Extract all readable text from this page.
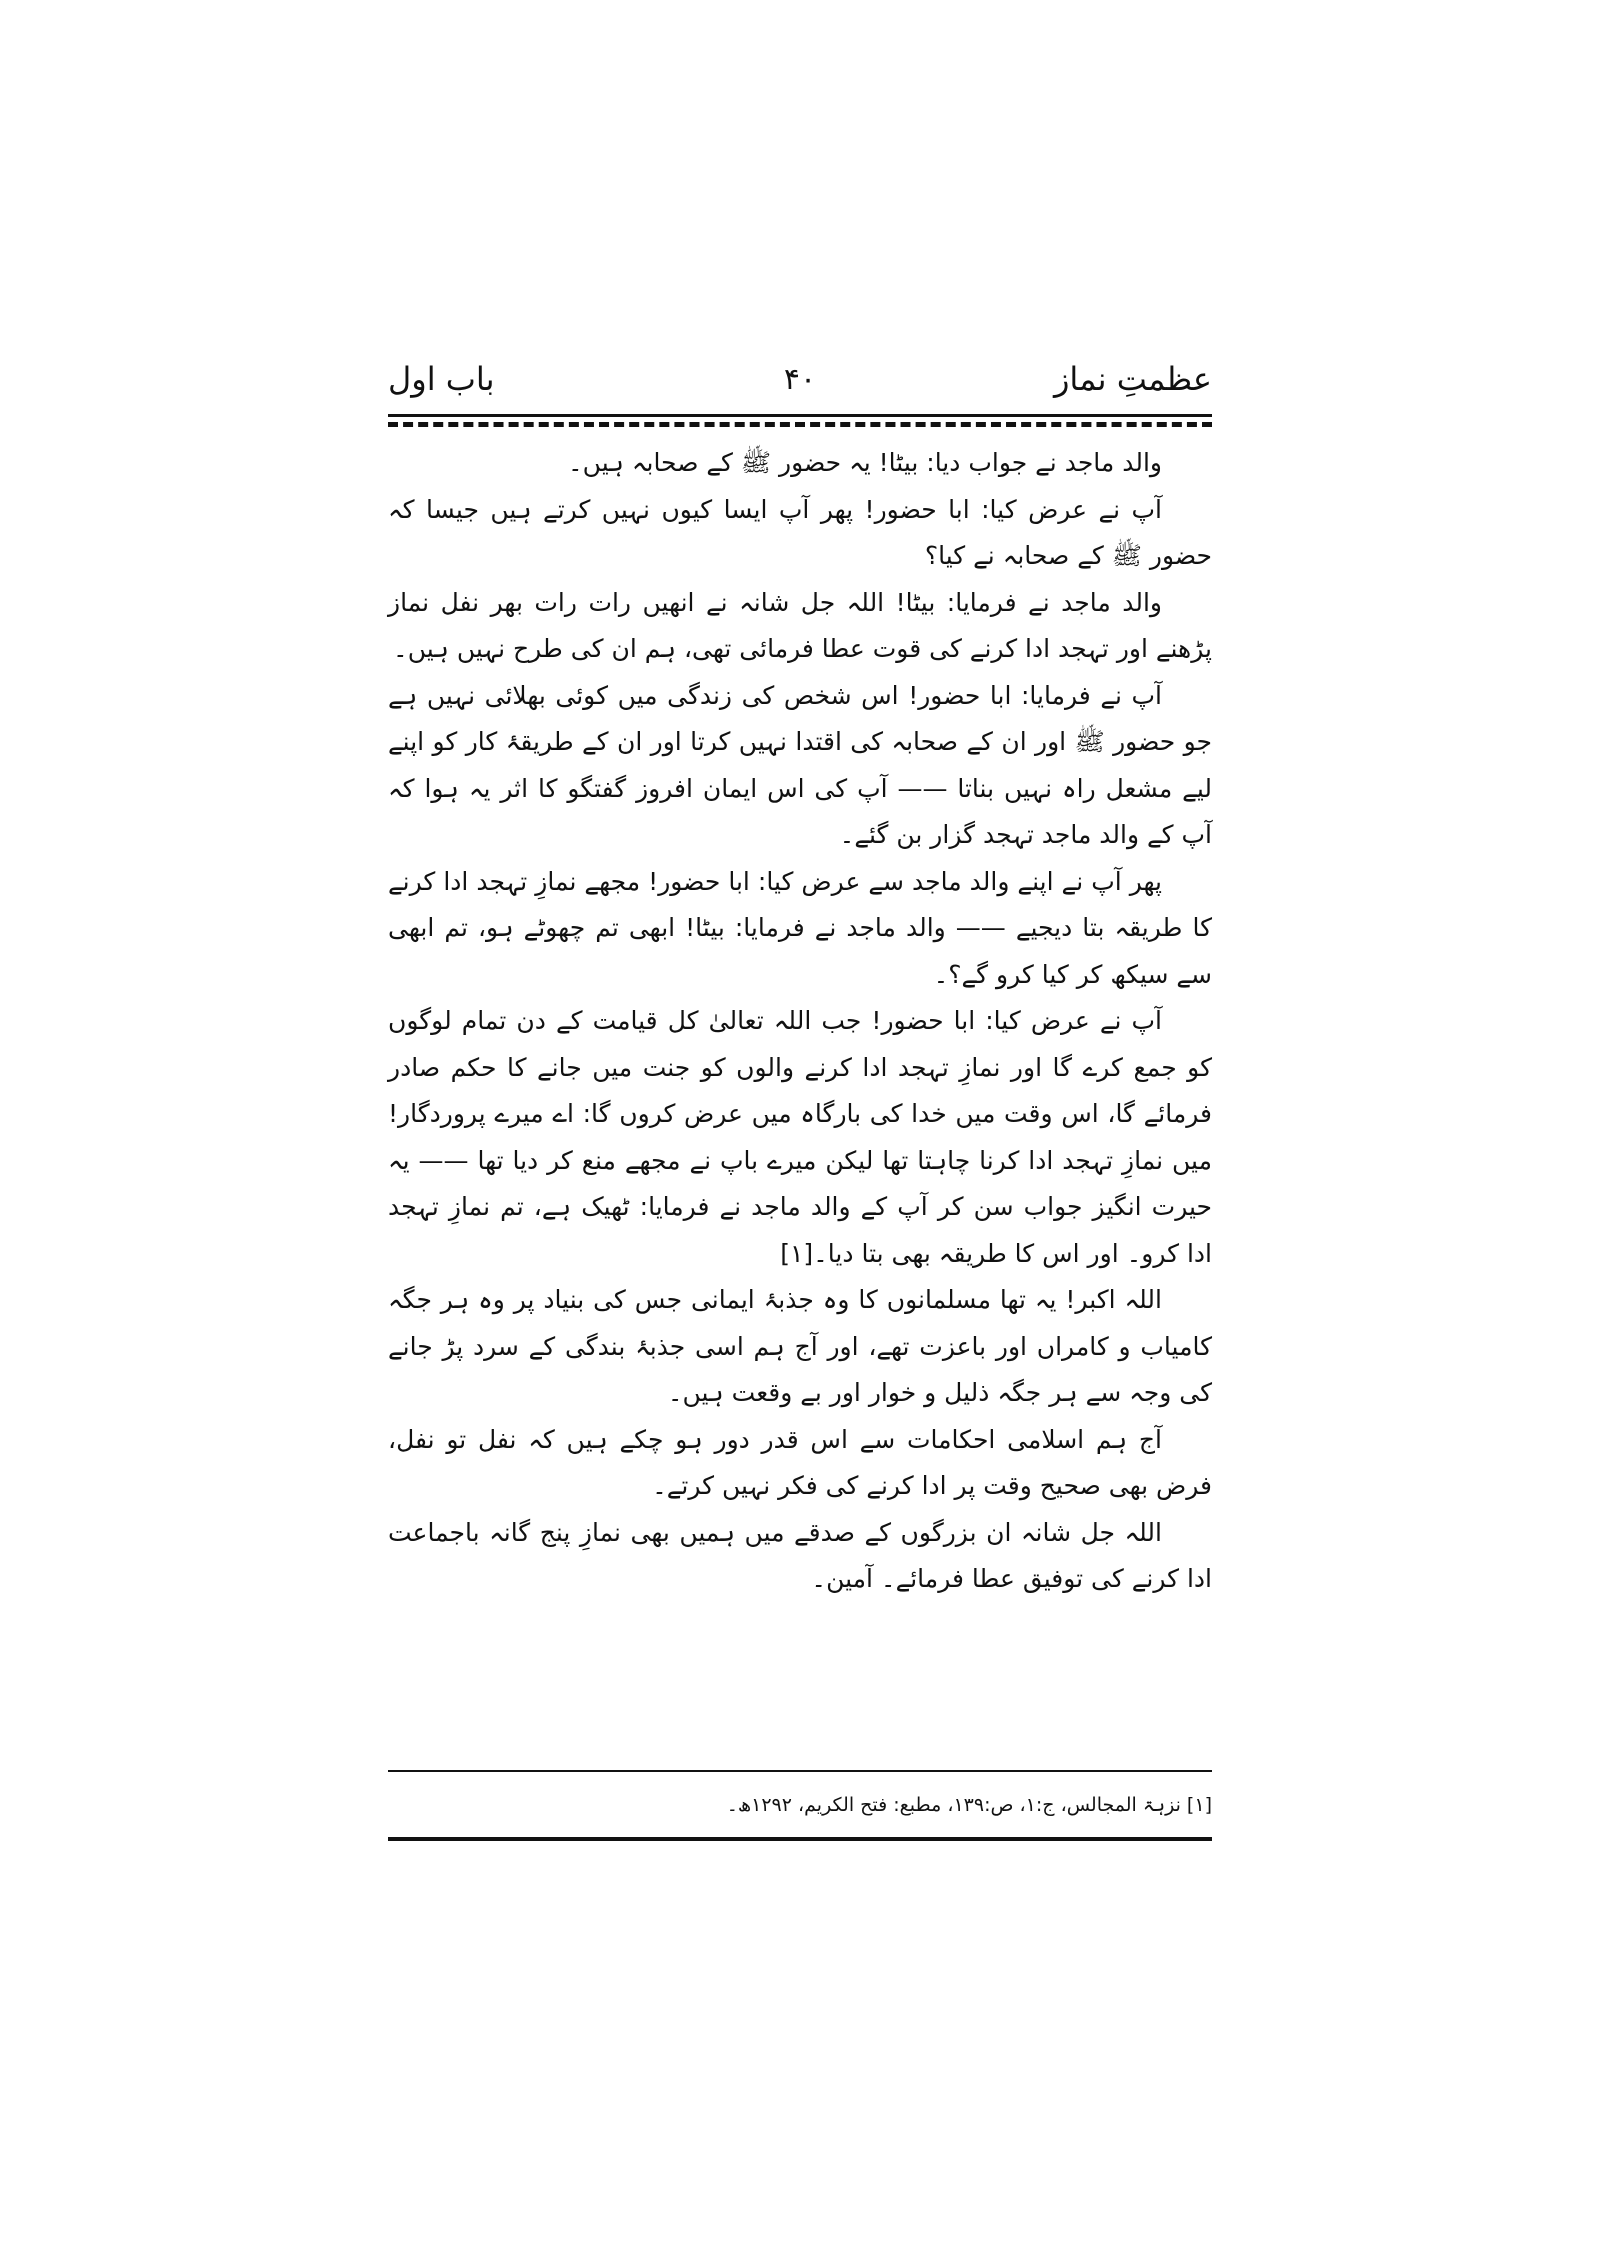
عظمتِ نماز
۴۰
باب اول

والد ماجد نے جواب دیا: بیٹا! یہ حضور ﷺ کے صحابہ ہیں۔

آپ نے عرض کیا: ابا حضور! پھر آپ ایسا کیوں نہیں کرتے ہیں جیسا کہ حضور ﷺ کے صحابہ نے کیا؟

والد ماجد نے فرمایا: بیٹا! اللہ جل شانہ نے انھیں رات رات بھر نفل نماز پڑھنے اور تہجد ادا کرنے کی قوت عطا فرمائی تھی، ہم ان کی طرح نہیں ہیں۔

آپ نے فرمایا: ابا حضور! اس شخص کی زندگی میں کوئی بھلائی نہیں ہے جو حضور ﷺ اور ان کے صحابہ کی اقتدا نہیں کرتا اور ان کے طریقۂ کار کو اپنے لیے مشعل راہ نہیں بناتا —— آپ کی اس ایمان افروز گفتگو کا اثر یہ ہوا کہ آپ کے والد ماجد تہجد گزار بن گئے۔

پھر آپ نے اپنے والد ماجد سے عرض کیا: ابا حضور! مجھے نمازِ تہجد ادا کرنے کا طریقہ بتا دیجیے —— والد ماجد نے فرمایا: بیٹا! ابھی تم چھوٹے ہو، تم ابھی سے سیکھ کر کیا کرو گے؟۔

آپ نے عرض کیا: ابا حضور! جب اللہ تعالیٰ کل قیامت کے دن تمام لوگوں کو جمع کرے گا اور نمازِ تہجد ادا کرنے والوں کو جنت میں جانے کا حکم صادر فرمائے گا، اس وقت میں خدا کی بارگاہ میں عرض کروں گا: اے میرے پروردگار! میں نمازِ تہجد ادا کرنا چاہتا تھا لیکن میرے باپ نے مجھے منع کر دیا تھا —— یہ حیرت انگیز جواب سن کر آپ کے والد ماجد نے فرمایا: ٹھیک ہے، تم نمازِ تہجد ادا کرو۔ اور اس کا طریقہ بھی بتا دیا۔[۱]

اللہ اکبر! یہ تھا مسلمانوں کا وہ جذبۂ ایمانی جس کی بنیاد پر وہ ہر جگہ کامیاب و کامراں اور باعزت تھے، اور آج ہم اسی جذبۂ بندگی کے سرد پڑ جانے کی وجہ سے ہر جگہ ذلیل و خوار اور بے وقعت ہیں۔

آج ہم اسلامی احکامات سے اس قدر دور ہو چکے ہیں کہ نفل تو نفل، فرض بھی صحیح وقت پر ادا کرنے کی فکر نہیں کرتے۔

اللہ جل شانہ ان بزرگوں کے صدقے میں ہمیں بھی نمازِ پنج گانہ باجماعت ادا کرنے کی توفیق عطا فرمائے۔ آمین۔

[۱] نزہۃ المجالس، ج:۱، ص:۱۳۹، مطبع: فتح الکریم، ۱۲۹۲ھ۔
